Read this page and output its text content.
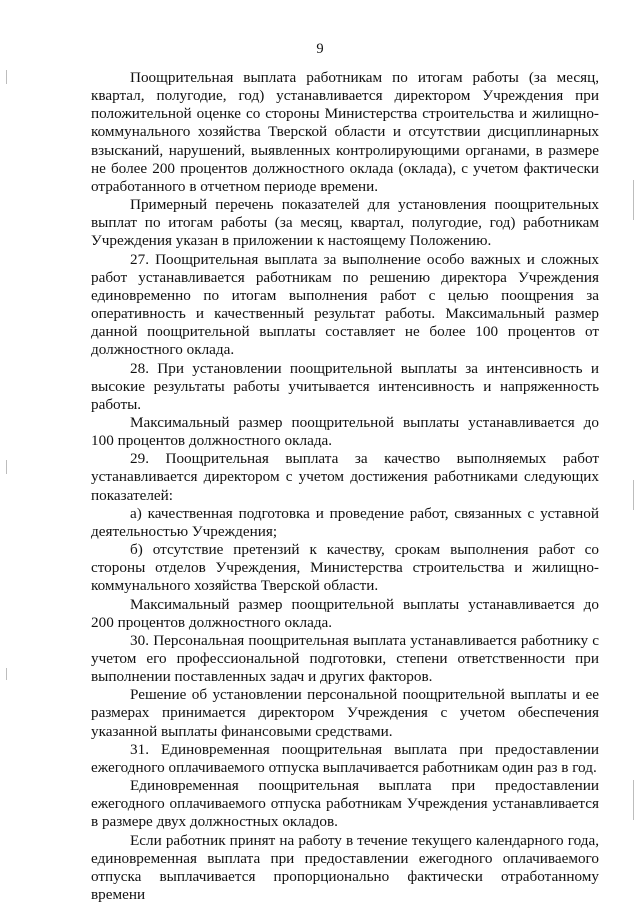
9

Поощрительная выплата работникам по итогам работы (за месяц, квартал, полугодие, год) устанавливается директором Учреждения при положительной оценке со стороны Министерства строительства и жилищно-коммунального хозяйства Тверской области и отсутствии дисциплинарных взысканий, нарушений, выявленных контролирующими органами, в размере не более 200 процентов должностного оклада (оклада), с учетом фактически отработанного в отчетном периоде времени.

Примерный перечень показателей для установления поощрительных выплат по итогам работы (за месяц, квартал, полугодие, год) работникам Учреждения указан в приложении к настоящему Положению.

27. Поощрительная выплата за выполнение особо важных и сложных работ устанавливается работникам по решению директора Учреждения единовременно по итогам выполнения работ с целью поощрения за оперативность и качественный результат работы. Максимальный размер данной поощрительной выплаты составляет не более 100 процентов от должностного оклада.

28. При установлении поощрительной выплаты за интенсивность и высокие результаты работы учитывается интенсивность и напряженность работы.

Максимальный размер поощрительной выплаты устанавливается до 100 процентов должностного оклада.

29. Поощрительная выплата за качество выполняемых работ устанавливается директором с учетом достижения работниками следующих показателей:

а) качественная подготовка и проведение работ, связанных с уставной деятельностью Учреждения;

б) отсутствие претензий к качеству, срокам выполнения работ со стороны отделов Учреждения, Министерства строительства и жилищно-коммунального хозяйства Тверской области.

Максимальный размер поощрительной выплаты устанавливается до 200 процентов должностного оклада.

30. Персональная поощрительная выплата устанавливается работнику с учетом его профессиональной подготовки, степени ответственности при выполнении поставленных задач и других факторов.

Решение об установлении персональной поощрительной выплаты и ее размерах принимается директором Учреждения с учетом обеспечения указанной выплаты финансовыми средствами.

31. Единовременная поощрительная выплата при предоставлении ежегодного оплачиваемого отпуска выплачивается работникам один раз в год.

Единовременная поощрительная выплата при предоставлении ежегодного оплачиваемого отпуска работникам Учреждения устанавливается в размере двух должностных окладов.

Если работник принят на работу в течение текущего календарного года, единовременная выплата при предоставлении ежегодного оплачиваемого отпуска выплачивается пропорционально фактически отработанному времени
